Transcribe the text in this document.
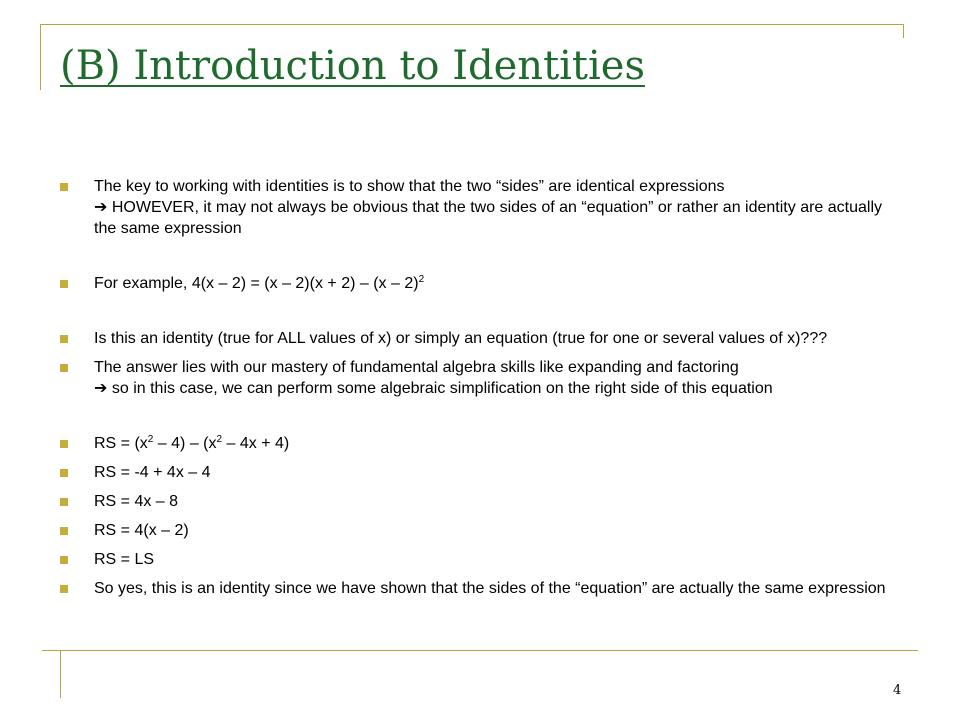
(B) Introduction to Identities
The key to working with identities is to show that the two “sides” are identical expressions
➔ HOWEVER, it may not always be obvious that the two sides of an “equation” or rather an identity are actually the same expression
For example, 4(x – 2) = (x – 2)(x + 2) – (x – 2)$^2$
Is this an identity (true for ALL values of x) or simply an equation (true for one or several values of x)???
The answer lies with our mastery of fundamental algebra skills like expanding and factoring
➔ so in this case, we can perform some algebraic simplification on the right side of this equation
RS = $(x^2 - 4) - (x^2 - 4x + 4)$
RS = -4 + 4x – 4
RS = 4x – 8
RS = 4(x – 2)
RS = LS
So yes, this is an identity since we have shown that the sides of the “equation” are actually the same expression
4
